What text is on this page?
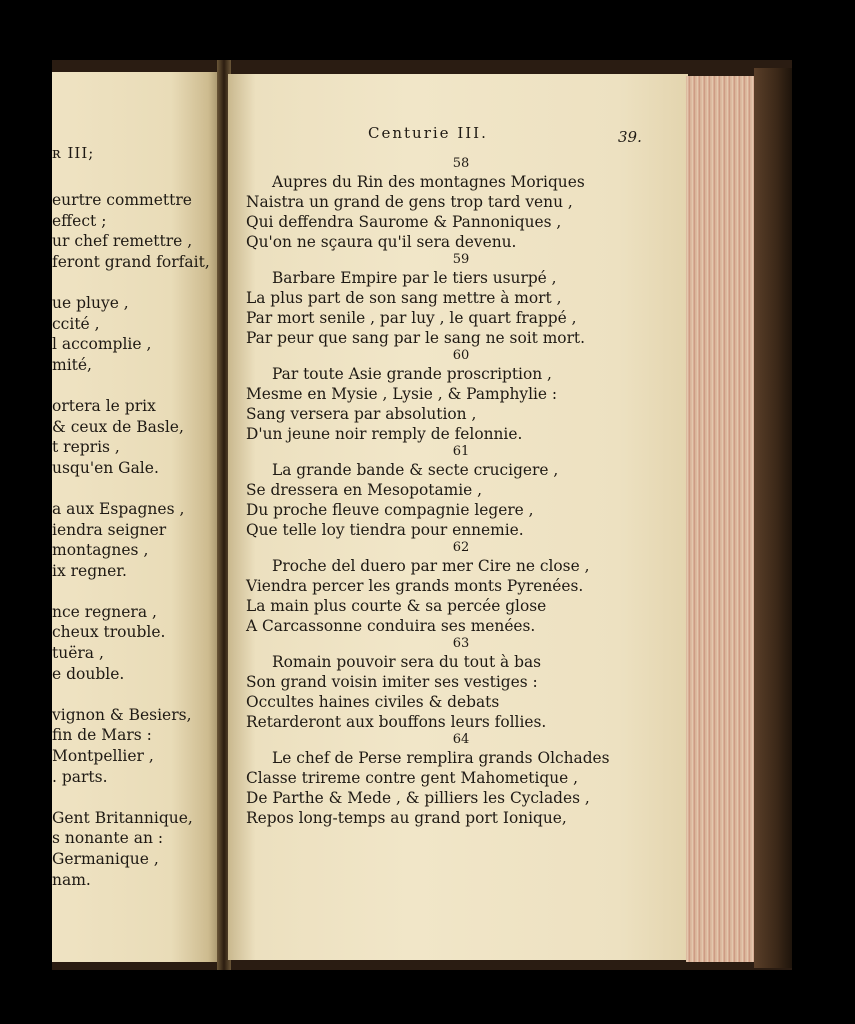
ʀ III;
eurtre commettre
effect ;
ur chef remettre ,
feront grand forfait,
ue pluye ,
ccité ,
l accomplie ,
mité,
ortera le prix
& ceux de Basle,
t repris ,
usqu'en Gale.
a aux Espagnes ,
iendra seigner
montagnes ,
ix regner.
nce regnera ,
cheux trouble.
tuëra ,
e double.
vignon & Besiers,
fin de Mars :
Montpellier ,
. parts.
Gent Britannique,
s nonante an :
Germanique ,
nam.
Centurie III.	39.
58
Aupres du Rin des montagnes Moriques
Naistra un grand de gens trop tard venu ,
Qui deffendra Saurome & Pannoniques ,
Qu'on ne sçaura qu'il sera devenu.
59
Barbare Empire par le tiers usurpé ,
La plus part de son sang mettre à mort ,
Par mort senile , par luy , le quart frappé ,
Par peur que sang par le sang ne soit mort.
60
Par toute Asie grande proscription ,
Mesme en Mysie , Lysie , & Pamphylie :
Sang versera par absolution ,
D'un jeune noir remply de felonnie.
61
La grande bande & secte crucigere ,
Se dressera en Mesopotamie ,
Du proche fleuve compagnie legere ,
Que telle loy tiendra pour ennemie.
62
Proche del duero par mer Cire ne close ,
Viendra percer les grands monts Pyrenées.
La main plus courte & sa percée glose
A Carcassonne conduira ses menées.
63
Romain pouvoir sera du tout à bas
Son grand voisin imiter ses vestiges :
Occultes haines civiles & debats
Retarderont aux bouffons leurs follies.
64
Le chef de Perse remplira grands Olchades
Classe trireme contre gent Mahometique ,
De Parthe & Mede , & pilliers les Cyclades ,
Repos long-temps au grand port Ionique,
